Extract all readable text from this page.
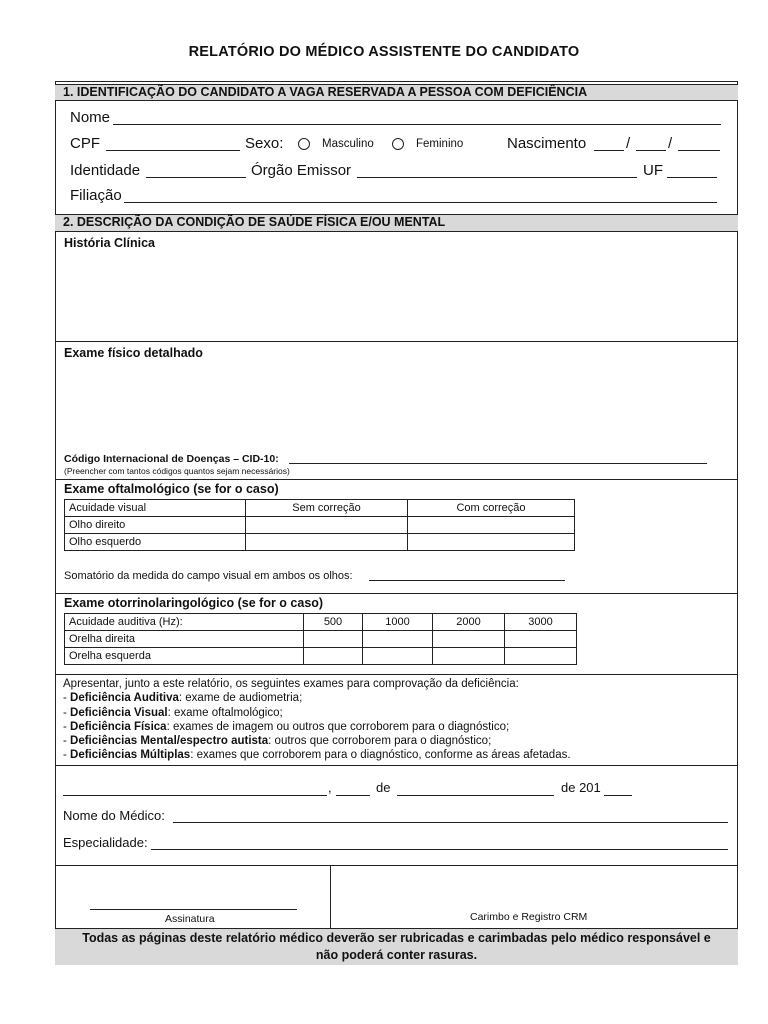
RELATÓRIO DO MÉDICO ASSISTENTE DO CANDIDATO
1. IDENTIFICAÇÃO DO CANDIDATO A VAGA RESERVADA A PESSOA COM DEFICIÊNCIA
Nome
CPF	Sexo:	Masculino	Feminino	Nascimento	/	/
Identidade	Órgão Emissor	UF
Filiação
2. DESCRIÇÃO DA CONDIÇÃO DE SAÚDE FÍSICA E/OU MENTAL
História Clínica
Exame físico detalhado
Código Internacional de Doenças – CID-10:
(Preencher com tantos códigos quantos sejam necessários)
Exame oftalmológico (se for o caso)
Acuidade visual	Sem correção	Com correção
Olho direito		
Olho esquerdo		
Somatório da medida do campo visual em ambos os olhos:
Exame otorrinolaringológico (se for o caso)
Acuidade auditiva (Hz):	500	1000	2000	3000
Orelha direita				
Orelha esquerda				
Apresentar, junto a este relatório, os seguintes exames para comprovação da deficiência:
- Deficiência Auditiva: exame de audiometria;
- Deficiência Visual: exame oftalmológico;
- Deficiência Física: exames de imagem ou outros que corroborem para o diagnóstico;
- Deficiências Mental/espectro autista: outros que corroborem para o diagnóstico;
- Deficiências Múltiplas: exames que corroborem para o diagnóstico, conforme as áreas afetadas.
,	de	de 201
Nome do Médico:
Especialidade:
Assinatura	Carimbo e Registro CRM
Todas as páginas deste relatório médico deverão ser rubricadas e carimbadas pelo médico responsável e
não poderá conter rasuras.
